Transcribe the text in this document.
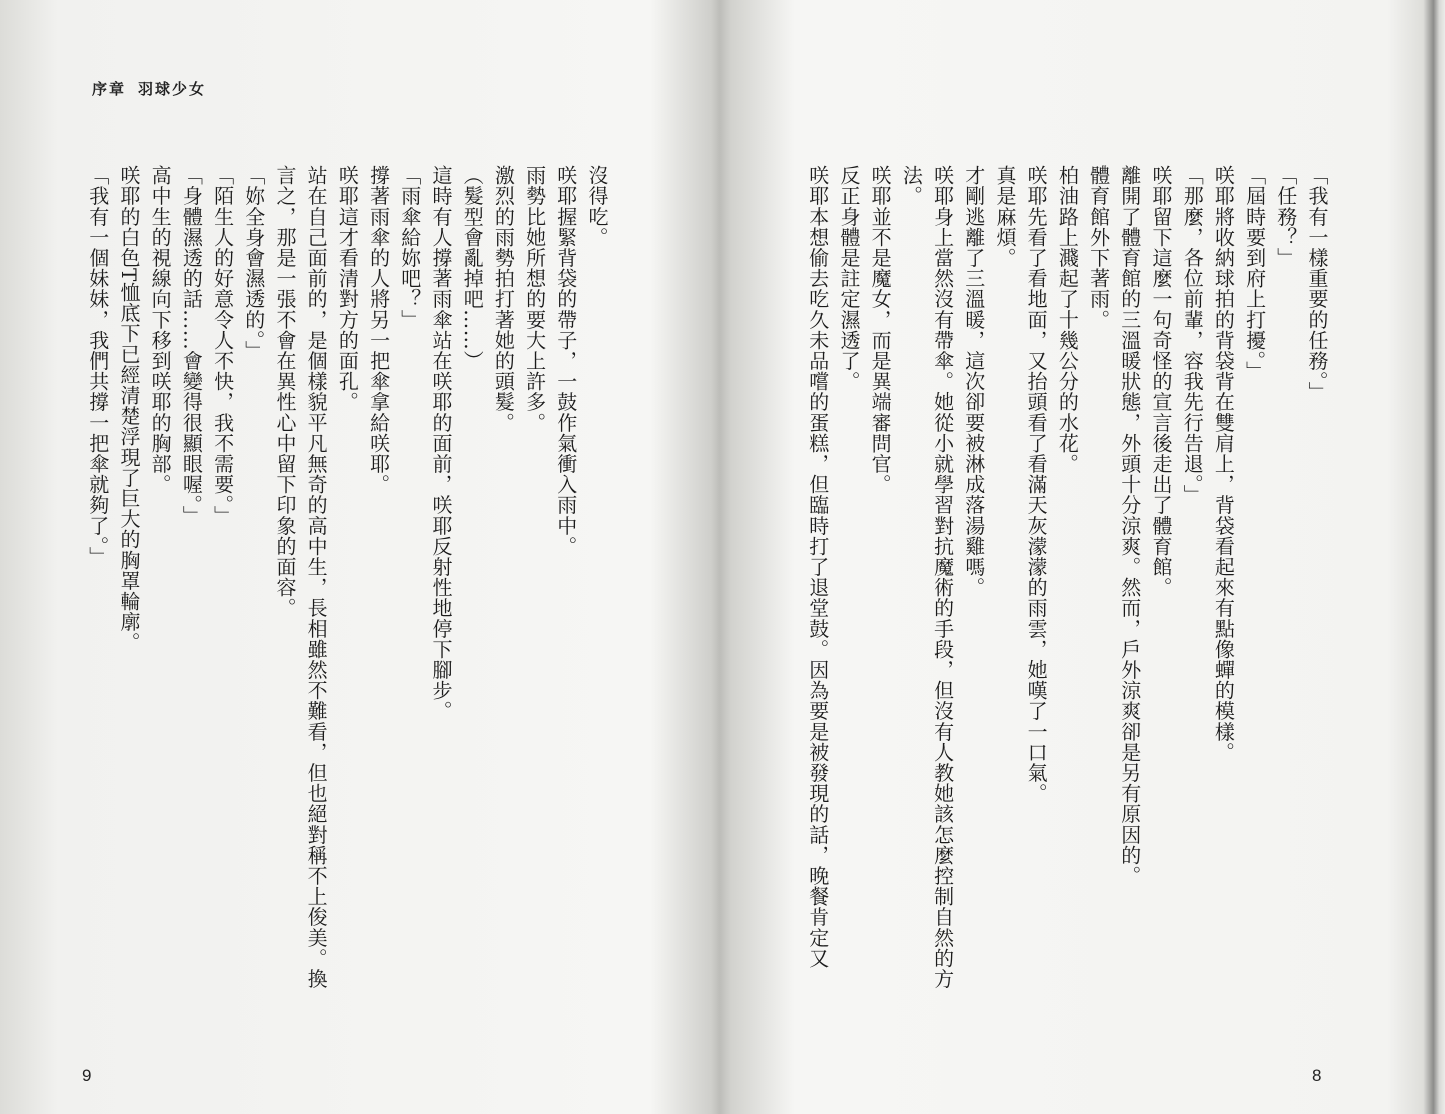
序章 羽球少女

沒得吃。

咲耶握緊背袋的帶子，一鼓作氣衝入雨中。

雨勢比她所想的要大上許多。

激烈的雨勢拍打著她的頭髮。

（髮型會亂掉吧……）

這時有人撐著雨傘站在咲耶的面前，咲耶反射性地停下腳步。

「雨傘給妳吧？」

撐著雨傘的人將另一把傘拿給咲耶。

咲耶這才看清對方的面孔。

站在自己面前的，是個樣貌平凡無奇的高中生，長相雖然不難看，但也絕對稱不上俊美。換

言之，那是一張不會在異性心中留下印象的面容。

「妳全身會濕透的。」

「陌生人的好意令人不快，我不需要。」

「身體濕透的話……會變得很顯眼喔。」

高中生的視線向下移到咲耶的胸部。

咲耶的白色T恤底下已經清楚浮現了巨大的胸罩輪廓。

「我有一個妹妹，我們共撐一把傘就夠了。」

9

「我有一樣重要的任務。」

「任務？」

「屆時要到府上打擾。」

咲耶將收納球拍的背袋背在雙肩上，背袋看起來有點像蟬的模樣。

「那麼，各位前輩，容我先行告退。」

咲耶留下這麼一句奇怪的宣言後走出了體育館。

離開了體育館的三溫暖狀態，外頭十分涼爽。然而，戶外涼爽卻是另有原因的。

體育館外下著雨。

柏油路上濺起了十幾公分的水花。

咲耶先看了看地面，又抬頭看了看滿天灰濛濛的雨雲，她嘆了一口氣。

真是麻煩。

才剛逃離了三溫暖，這次卻要被淋成落湯雞嗎。

咲耶身上當然沒有帶傘。她從小就學習對抗魔術的手段，但沒有人教她該怎麼控制自然的方

法。

咲耶並不是魔女，而是異端審問官。

反正身體是註定濕透了。

咲耶本想偷去吃久未品嚐的蛋糕，但臨時打了退堂鼓。因為要是被發現的話，晚餐肯定又

8
